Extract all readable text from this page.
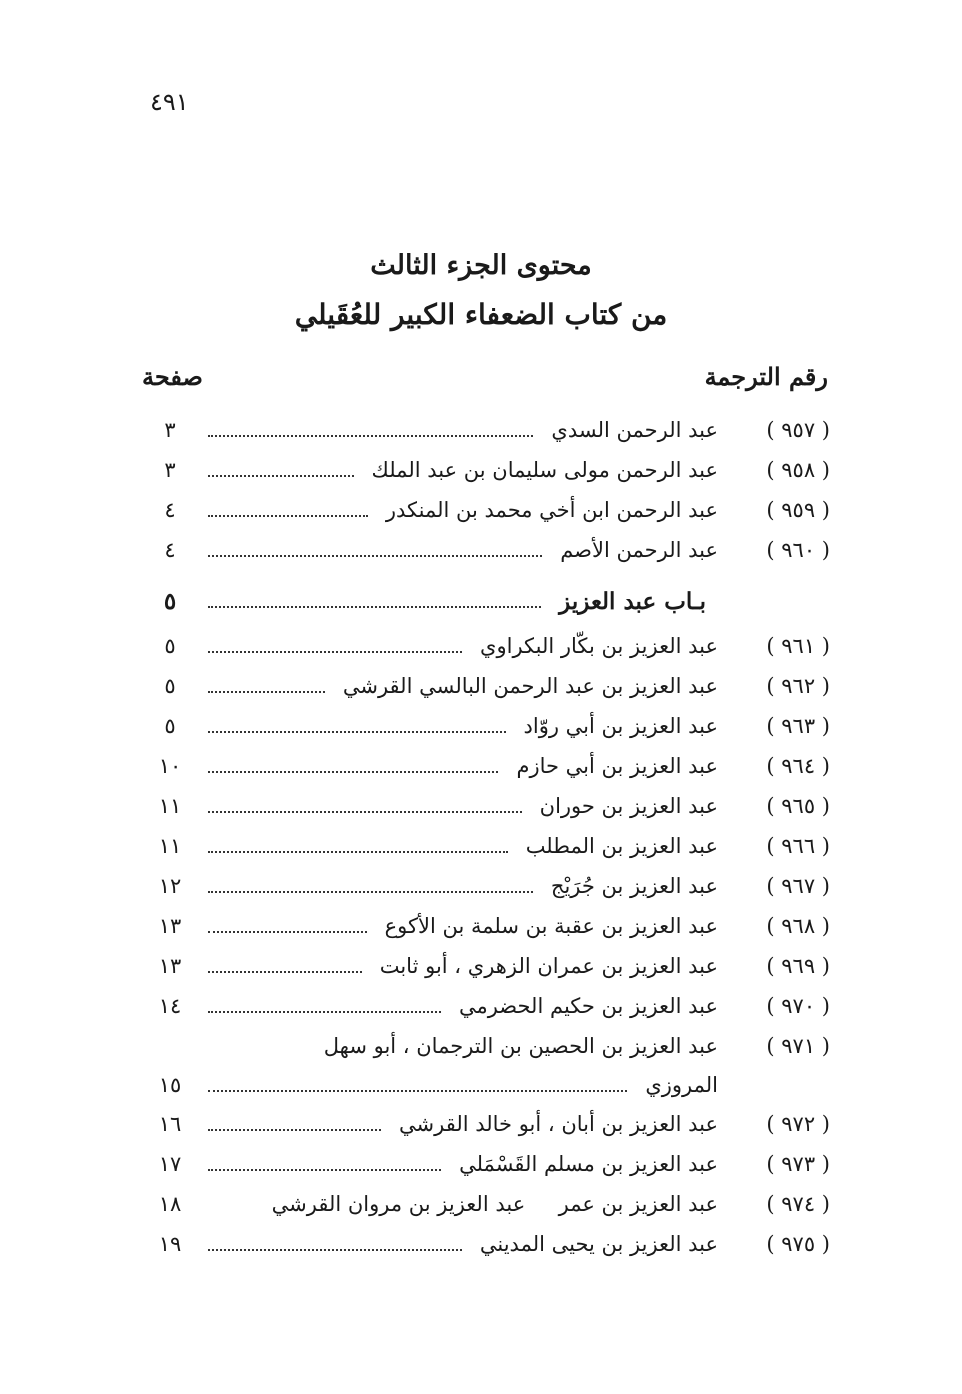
٤٩١
محتوى الجزء الثالث
من كتاب الضعفاء الكبير للعُقَيلي
رقم الترجمة
صفحة
( ٩٥٧ )
عبد الرحمن السدي
٣
( ٩٥٨ )
عبد الرحمن مولى سليمان بن عبد الملك
٣
( ٩٥٩ )
عبد الرحمن ابن أخي محمد بن المنكدر
٤
( ٩٦٠ )
عبد الرحمن الأصم
٤
بـاب عبد العزيز
٥
( ٩٦١ )
عبد العزيز بن بكّار البكراوي
٥
( ٩٦٢ )
عبد العزيز بن عبد الرحمن البالسي القرشي
٥
( ٩٦٣ )
عبد العزيز بن أبي روّاد
٥
( ٩٦٤ )
عبد العزيز بن أبي حازم
١٠
( ٩٦٥ )
عبد العزيز بن حوران
١١
( ٩٦٦ )
عبد العزيز بن المطلب
١١
( ٩٦٧ )
عبد العزيز بن جُرَيْج
١٢
( ٩٦٨ )
عبد العزيز بن عقبة بن سلمة بن الأكوع
١٣
( ٩٦٩ )
عبد العزيز بن عمران الزهري ، أبو ثابت
١٣
( ٩٧٠ )
عبد العزيز بن حكيم الحضرمي
١٤
( ٩٧١ )
عبد العزيز بن الحصين بن الترجمان ، أبو سهل
المروزي
١٥
( ٩٧٢ )
عبد العزيز بن أبان ، أبو خالد القرشي
١٦
( ٩٧٣ )
عبد العزيز بن مسلم القَسْمَلي
١٧
( ٩٧٤ )
عبد العزيز بن عمر     عبد العزيز بن مروان القرشي
١٨
( ٩٧٥ )
عبد العزيز بن يحيى المديني
١٩
